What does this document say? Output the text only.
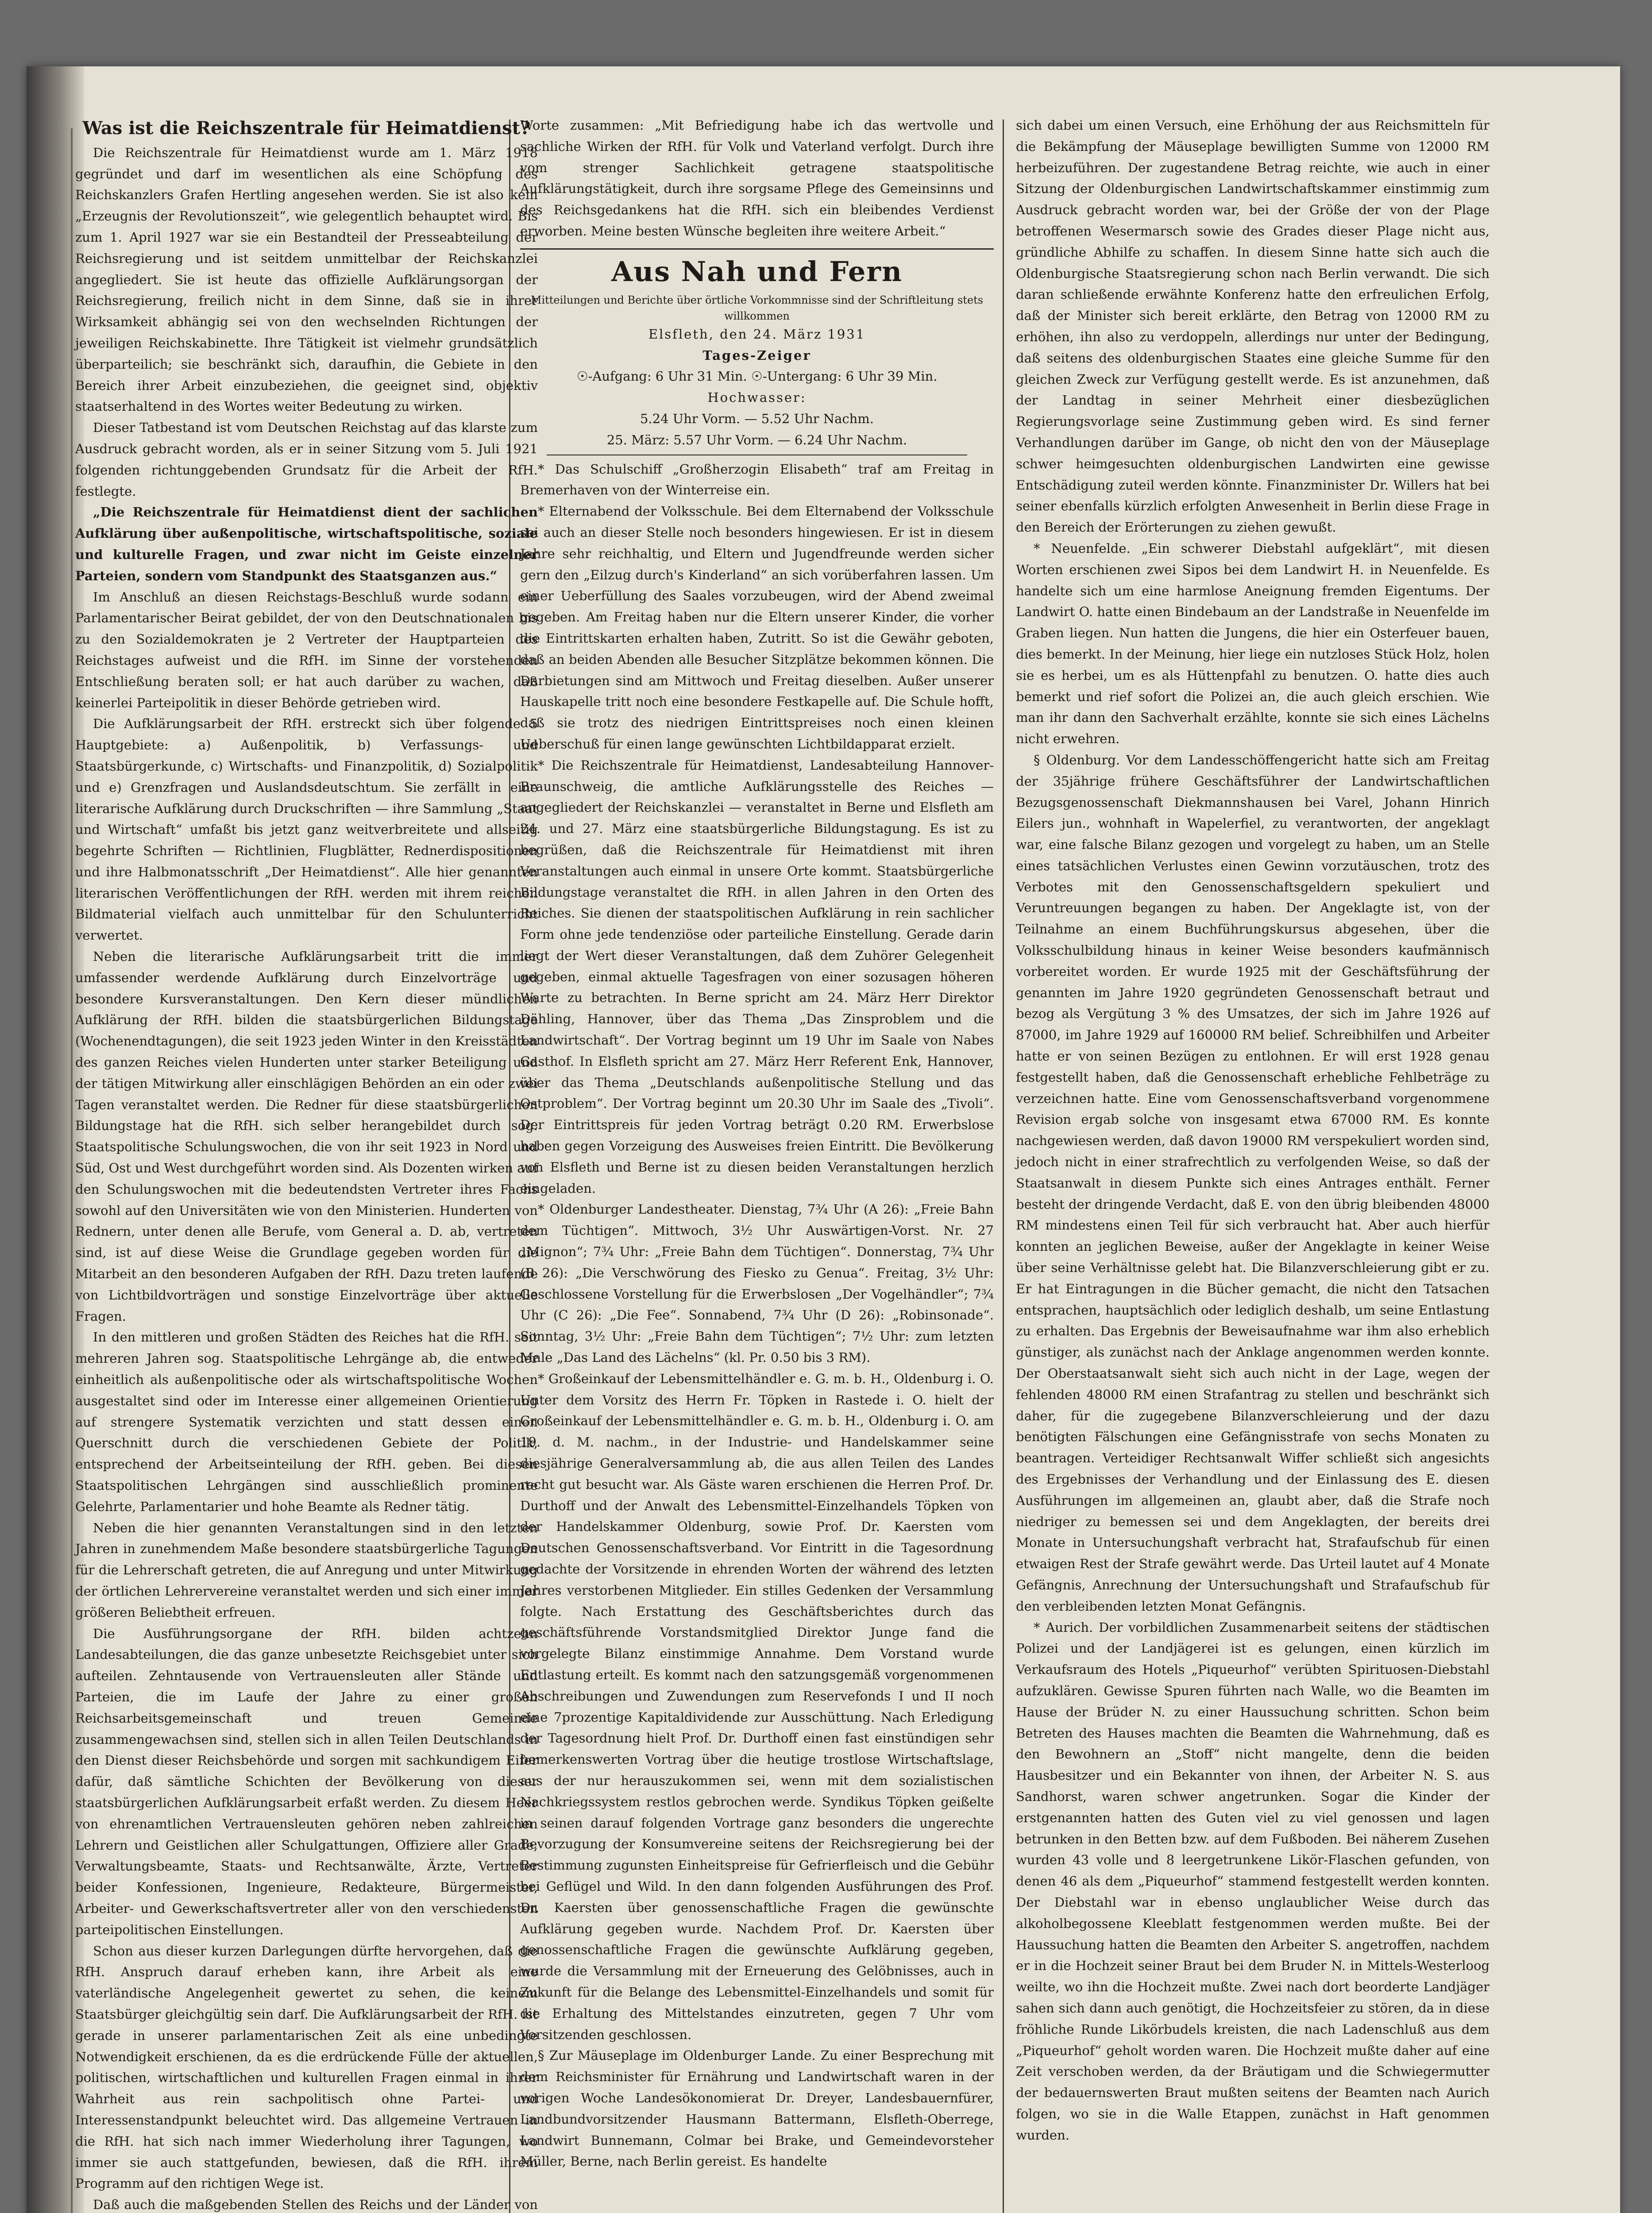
Was ist die Reichszentrale für Heimatdienst?

Die Reichszentrale für Heimatdienst wurde am 1. März 1918 gegründet und darf im wesentlichen als eine Schöpfung des Reichskanzlers Grafen Hertling angesehen werden. Sie ist also kein „Erzeugnis der Revolutionszeit“, wie gelegentlich behauptet wird. Bis zum 1. April 1927 war sie ein Bestandteil der Presseabteilung der Reichsregierung und ist seitdem unmittelbar der Reichskanzlei angegliedert. Sie ist heute das offizielle Aufklärungsorgan der Reichsregierung, freilich nicht in dem Sinne, daß sie in ihrer Wirksamkeit abhängig sei von den wechselnden Richtungen der jeweiligen Reichskabinette. Ihre Tätigkeit ist vielmehr grundsätzlich überparteilich; sie beschränkt sich, daraufhin, die Gebiete in den Bereich ihrer Arbeit einzubeziehen, die geeignet sind, objektiv staatserhaltend in des Wortes weiter Bedeutung zu wirken.

Dieser Tatbestand ist vom Deutschen Reichstag auf das klarste zum Ausdruck gebracht worden, als er in seiner Sitzung vom 5. Juli 1921 folgenden richtunggebenden Grundsatz für die Arbeit der RfH. festlegte.

„Die Reichszentrale für Heimatdienst dient der sachlichen Aufklärung über außenpolitische, wirtschaftspolitische, soziale und kulturelle Fragen, und zwar nicht im Geiste einzelner Parteien, sondern vom Standpunkt des Staatsganzen aus.“

Im Anschluß an diesen Reichstags-Beschluß wurde sodann ein Parlamentarischer Beirat gebildet, der von den Deutschnationalen bis zu den Sozialdemokraten je 2 Vertreter der Hauptparteien des Reichstages aufweist und die RfH. im Sinne der vorstehenden Entschließung beraten soll; er hat auch darüber zu wachen, daß keinerlei Parteipolitik in dieser Behörde getrieben wird.

Die Aufklärungsarbeit der RfH. erstreckt sich über folgende 5 Hauptgebiete: a) Außenpolitik, b) Verfassungs- und Staatsbürgerkunde, c) Wirtschafts- und Finanzpolitik, d) Sozialpolitik und e) Grenzfragen und Auslandsdeutschtum. Sie zerfällt in eine literarische Aufklärung durch Druckschriften — ihre Sammlung „Staat und Wirtschaft“ umfaßt bis jetzt ganz weitverbreitete und allseitig begehrte Schriften — Richtlinien, Flugblätter, Rednerdispositionen und ihre Halbmonatsschrift „Der Heimatdienst“. Alle hier genannten literarischen Veröffentlichungen der RfH. werden mit ihrem reichen Bildmaterial vielfach auch unmittelbar für den Schulunterricht verwertet.

Neben die literarische Aufklärungsarbeit tritt die immer umfassender werdende Aufklärung durch Einzelvorträge und besondere Kursveranstaltungen. Den Kern dieser mündlichen Aufklärung der RfH. bilden die staatsbürgerlichen Bildungstage (Wochenendtagungen), die seit 1923 jeden Winter in den Kreisstädten des ganzen Reiches vielen Hunderten unter starker Beteiligung und der tätigen Mitwirkung aller einschlägigen Behörden an ein oder zwei Tagen veranstaltet werden. Die Redner für diese staatsbürgerlichen Bildungstage hat die RfH. sich selber herangebildet durch sog. Staatspolitische Schulungswochen, die von ihr seit 1923 in Nord und Süd, Ost und West durchgeführt worden sind. Als Dozenten wirken auf den Schulungswochen mit die bedeutendsten Vertreter ihres Fachs sowohl auf den Universitäten wie von den Ministerien. Hunderten von Rednern, unter denen alle Berufe, vom General a. D. ab, vertreten sind, ist auf diese Weise die Grundlage gegeben worden für die Mitarbeit an den besonderen Aufgaben der RfH. Dazu treten laufende von Lichtbildvorträgen und sonstige Einzelvorträge über aktuelle Fragen.

In den mittleren und großen Städten des Reiches hat die RfH. seit mehreren Jahren sog. Staatspolitische Lehrgänge ab, die entweder einheitlich als außenpolitische oder als wirtschaftspolitische Wochen ausgestaltet sind oder im Interesse einer allgemeinen Orientierung auf strengere Systematik verzichten und statt dessen einen Querschnitt durch die verschiedenen Gebiete der Politik, entsprechend der Arbeitseinteilung der RfH. geben. Bei diesen Staatspolitischen Lehrgängen sind ausschließlich prominente Gelehrte, Parlamentarier und hohe Beamte als Redner tätig.

Neben die hier genannten Veranstaltungen sind in den letzten Jahren in zunehmendem Maße besondere staatsbürgerliche Tagungen für die Lehrerschaft getreten, die auf Anregung und unter Mitwirkung der örtlichen Lehrervereine veranstaltet werden und sich einer immer größeren Beliebtheit erfreuen.

Die Ausführungsorgane der RfH. bilden achtzehn Landesabteilungen, die das ganze unbesetzte Reichsgebiet unter sich aufteilen. Zehntausende von Vertrauensleuten aller Stände und Parteien, die im Laufe der Jahre zu einer großen Reichsarbeitsgemeinschaft und treuen Gemeinde zusammengewachsen sind, stellen sich in allen Teilen Deutschlands in den Dienst dieser Reichsbehörde und sorgen mit sachkundigem Eifer dafür, daß sämtliche Schichten der Bevölkerung von dieser staatsbürgerlichen Aufklärungsarbeit erfaßt werden. Zu diesem Heer von ehrenamtlichen Vertrauensleuten gehören neben zahlreichen Lehrern und Geistlichen aller Schulgattungen, Offiziere aller Grade, Verwaltungsbeamte, Staats- und Rechtsanwälte, Ärzte, Vertreter beider Konfessionen, Ingenieure, Redakteure, Bürgermeister, Arbeiter- und Gewerkschaftsvertreter aller von den verschiedensten parteipolitischen Einstellungen.

Schon aus dieser kurzen Darlegungen dürfte hervorgehen, daß die RfH. Anspruch darauf erheben kann, ihre Arbeit als eine vaterländische Angelegenheit gewertet zu sehen, die keinem Staatsbürger gleichgültig sein darf. Die Aufklärungsarbeit der RfH. ist gerade in unserer parlamentarischen Zeit als eine unbedingte Notwendigkeit erschienen, da es die erdrückende Fülle der aktuellen, politischen, wirtschaftlichen und kulturellen Fragen einmal in ihrer Wahrheit aus rein sachpolitisch ohne Partei- und Interessenstandpunkt beleuchtet wird. Das allgemeine Vertrauen in die RfH. hat sich nach immer Wiederholung ihrer Tagungen, wo immer sie auch stattgefunden, bewiesen, daß die RfH. ihrem Programm auf den richtigen Wege ist.

Daß auch die maßgebenden Stellen des Reichs und der Länder von

Worte zusammen: „Mit Befriedigung habe ich das wertvolle und sachliche Wirken der RfH. für Volk und Vaterland verfolgt. Durch ihre vom strenger Sachlichkeit getragene staatspolitische Aufklärungstätigkeit, durch ihre sorgsame Pflege des Gemeinsinns und des Reichsgedankens hat die RfH. sich ein bleibendes Verdienst erworben. Meine besten Wünsche begleiten ihre weitere Arbeit.“

Aus Nah und Fern
Mitteilungen und Berichte über örtliche Vorkommnisse sind der Schriftleitung stets willkommen
Elsfleth, den 24. März 1931
Tages-Zeiger
☉-Aufgang: 6 Uhr 31 Min. ☉-Untergang: 6 Uhr 39 Min.
Hochwasser:
5.24 Uhr Vorm. — 5.52 Uhr Nachm.
25. März: 5.57 Uhr Vorm. — 6.24 Uhr Nachm.

* Das Schulschiff „Großherzogin Elisabeth“ traf am Freitag in Bremerhaven von der Winterreise ein.

* Elternabend der Volksschule. Bei dem Elternabend der Volksschule sei auch an dieser Stelle noch besonders hingewiesen. Er ist in diesem Jahre sehr reichhaltig, und Eltern und Jugendfreunde werden sicher gern den „Eilzug durch's Kinderland“ an sich vorüberfahren lassen. Um einer Ueberfüllung des Saales vorzubeugen, wird der Abend zweimal gegeben. Am Freitag haben nur die Eltern unserer Kinder, die vorher die Eintrittskarten erhalten haben, Zutritt. So ist die Gewähr geboten, daß an beiden Abenden alle Besucher Sitzplätze bekommen können. Die Darbietungen sind am Mittwoch und Freitag dieselben. Außer unserer Hauskapelle tritt noch eine besondere Festkapelle auf. Die Schule hofft, daß sie trotz des niedrigen Eintrittspreises noch einen kleinen Ueberschuß für einen lange gewünschten Lichtbildapparat erzielt.

* Die Reichszentrale für Heimatdienst, Landesabteilung Hannover-Braunschweig, die amtliche Aufklärungsstelle des Reiches — angegliedert der Reichskanzlei — veranstaltet in Berne und Elsfleth am 24. und 27. März eine staatsbürgerliche Bildungstagung. Es ist zu begrüßen, daß die Reichszentrale für Heimatdienst mit ihren Veranstaltungen auch einmal in unsere Orte kommt. Staatsbürgerliche Bildungstage veranstaltet die RfH. in allen Jahren in den Orten des Reiches. Sie dienen der staatspolitischen Aufklärung in rein sachlicher Form ohne jede tendenziöse oder parteiliche Einstellung. Gerade darin liegt der Wert dieser Veranstaltungen, daß dem Zuhörer Gelegenheit gegeben, einmal aktuelle Tagesfragen von einer sozusagen höheren Warte zu betrachten. In Berne spricht am 24. März Herr Direktor Dähling, Hannover, über das Thema „Das Zinsproblem und die Landwirtschaft“. Der Vortrag beginnt um 19 Uhr im Saale von Nabes Gasthof. In Elsfleth spricht am 27. März Herr Referent Enk, Hannover, über das Thema „Deutschlands außenpolitische Stellung und das Ostproblem“. Der Vortrag beginnt um 20.30 Uhr im Saale des „Tivoli“. Der Eintrittspreis für jeden Vortrag beträgt 0.20 RM. Erwerbslose haben gegen Vorzeigung des Ausweises freien Eintritt. Die Bevölkerung von Elsfleth und Berne ist zu diesen beiden Veranstaltungen herzlich eingeladen.

* Oldenburger Landestheater. Dienstag, 7¾ Uhr (A 26): „Freie Bahn dem Tüchtigen“. Mittwoch, 3½ Uhr Auswärtigen-Vorst. Nr. 27 „Mignon“; 7¾ Uhr: „Freie Bahn dem Tüchtigen“. Donnerstag, 7¾ Uhr (B 26): „Die Verschwörung des Fiesko zu Genua“. Freitag, 3½ Uhr: Geschlossene Vorstellung für die Erwerbslosen „Der Vogelhändler“; 7¾ Uhr (C 26): „Die Fee“. Sonnabend, 7¾ Uhr (D 26): „Robinsonade“. Sonntag, 3½ Uhr: „Freie Bahn dem Tüchtigen“; 7½ Uhr: zum letzten Male „Das Land des Lächelns“ (kl. Pr. 0.50 bis 3 RM).

* Großeinkauf der Lebensmittelhändler e. G. m. b. H., Oldenburg i. O. Unter dem Vorsitz des Herrn Fr. Töpken in Rastede i. O. hielt der Großeinkauf der Lebensmittelhändler e. G. m. b. H., Oldenburg i. O. am 19. d. M. nachm., in der Industrie- und Handelskammer seine diesjährige Generalversammlung ab, die aus allen Teilen des Landes recht gut besucht war. Als Gäste waren erschienen die Herren Prof. Dr. Durthoff und der Anwalt des Lebensmittel-Einzelhandels Töpken von der Handelskammer Oldenburg, sowie Prof. Dr. Kaersten vom Deutschen Genossenschaftsverband. Vor Eintritt in die Tagesordnung gedachte der Vorsitzende in ehrenden Worten der während des letzten Jahres verstorbenen Mitglieder. Ein stilles Gedenken der Versammlung folgte. Nach Erstattung des Geschäftsberichtes durch das geschäftsführende Vorstandsmitglied Direktor Junge fand die vorgelegte Bilanz einstimmige Annahme. Dem Vorstand wurde Entlastung erteilt. Es kommt nach den satzungsgemäß vorgenommenen Abschreibungen und Zuwendungen zum Reservefonds I und II noch eine 7prozentige Kapitaldividende zur Ausschüttung. Nach Erledigung der Tagesordnung hielt Prof. Dr. Durthoff einen fast einstündigen sehr bemerkenswerten Vortrag über die heutige trostlose Wirtschaftslage, aus der nur herauszukommen sei, wenn mit dem sozialistischen Nachkriegssystem restlos gebrochen werde. Syndikus Töpken geißelte in seinen darauf folgenden Vortrage ganz besonders die ungerechte Bevorzugung der Konsumvereine seitens der Reichsregierung bei der Bestimmung zugunsten Einheitspreise für Gefrierfleisch und die Gebühr bei Geflügel und Wild. In den dann folgenden Ausführungen des Prof. Dr. Kaersten über genossenschaftliche Fragen die gewünschte Aufklärung gegeben wurde. Nachdem Prof. Dr. Kaersten über genossenschaftliche Fragen die gewünschte Aufklärung gegeben, wurde die Versammlung mit der Erneuerung des Gelöbnisses, auch in Zukunft für die Belange des Lebensmittel-Einzelhandels und somit für die Erhaltung des Mittelstandes einzutreten, gegen 7 Uhr vom Vorsitzenden geschlossen.

§ Zur Mäuseplage im Oldenburger Lande. Zu einer Besprechung mit dem Reichsminister für Ernährung und Landwirtschaft waren in der vorigen Woche Landesökonomierat Dr. Dreyer, Landesbauernfürer, Landbundvorsitzender Hausmann Battermann, Elsfleth-Oberrege, Landwirt Bunnemann, Colmar bei Brake, und Gemeindevorsteher Müller, Berne, nach Berlin gereist. Es handelte

sich dabei um einen Versuch, eine Erhöhung der aus Reichsmitteln für die Bekämpfung der Mäuseplage bewilligten Summe von 12000 RM herbeizuführen. Der zugestandene Betrag reichte, wie auch in einer Sitzung der Oldenburgischen Landwirtschaftskammer einstimmig zum Ausdruck gebracht worden war, bei der Größe der von der Plage betroffenen Wesermarsch sowie des Grades dieser Plage nicht aus, gründliche Abhilfe zu schaffen. In diesem Sinne hatte sich auch die Oldenburgische Staatsregierung schon nach Berlin verwandt. Die sich daran schließende erwähnte Konferenz hatte den erfreulichen Erfolg, daß der Minister sich bereit erklärte, den Betrag von 12000 RM zu erhöhen, ihn also zu verdoppeln, allerdings nur unter der Bedingung, daß seitens des oldenburgischen Staates eine gleiche Summe für den gleichen Zweck zur Verfügung gestellt werde. Es ist anzunehmen, daß der Landtag in seiner Mehrheit einer diesbezüglichen Regierungsvorlage seine Zustimmung geben wird. Es sind ferner Verhandlungen darüber im Gange, ob nicht den von der Mäuseplage schwer heimgesuchten oldenburgischen Landwirten eine gewisse Entschädigung zuteil werden könnte. Finanzminister Dr. Willers hat bei seiner ebenfalls kürzlich erfolgten Anwesenheit in Berlin diese Frage in den Bereich der Erörterungen zu ziehen gewußt.

* Neuenfelde. „Ein schwerer Diebstahl aufgeklärt“, mit diesen Worten erschienen zwei Sipos bei dem Landwirt H. in Neuenfelde. Es handelte sich um eine harmlose Aneignung fremden Eigentums. Der Landwirt O. hatte einen Bindebaum an der Landstraße in Neuenfelde im Graben liegen. Nun hatten die Jungens, die hier ein Osterfeuer bauen, dies bemerkt. In der Meinung, hier liege ein nutzloses Stück Holz, holen sie es herbei, um es als Hüttenpfahl zu benutzen. O. hatte dies auch bemerkt und rief sofort die Polizei an, die auch gleich erschien. Wie man ihr dann den Sachverhalt erzählte, konnte sie sich eines Lächelns nicht erwehren.

§ Oldenburg. Vor dem Landesschöffengericht hatte sich am Freitag der 35jährige frühere Geschäftsführer der Landwirtschaftlichen Bezugsgenossenschaft Diekmannshausen bei Varel, Johann Hinrich Eilers jun., wohnhaft in Wapelerfiel, zu verantworten, der angeklagt war, eine falsche Bilanz gezogen und vorgelegt zu haben, um an Stelle eines tatsächlichen Verlustes einen Gewinn vorzutäuschen, trotz des Verbotes mit den Genossenschaftsgeldern spekuliert und Veruntreuungen begangen zu haben. Der Angeklagte ist, von der Teilnahme an einem Buchführungskursus abgesehen, über die Volksschulbildung hinaus in keiner Weise besonders kaufmännisch vorbereitet worden. Er wurde 1925 mit der Geschäftsführung der genannten im Jahre 1920 gegründeten Genossenschaft betraut und bezog als Vergütung 3 % des Umsatzes, der sich im Jahre 1926 auf 87000, im Jahre 1929 auf 160000 RM belief. Schreibhilfen und Arbeiter hatte er von seinen Bezügen zu entlohnen. Er will erst 1928 genau festgestellt haben, daß die Genossenschaft erhebliche Fehlbeträge zu verzeichnen hatte. Eine vom Genossenschaftsverband vorgenommene Revision ergab solche von insgesamt etwa 67000 RM. Es konnte nachgewiesen werden, daß davon 19000 RM verspekuliert worden sind, jedoch nicht in einer strafrechtlich zu verfolgenden Weise, so daß der Staatsanwalt in diesem Punkte sich eines Antrages enthält. Ferner besteht der dringende Verdacht, daß E. von den übrig bleibenden 48000 RM mindestens einen Teil für sich verbraucht hat. Aber auch hierfür konnten an jeglichen Beweise, außer der Angeklagte in keiner Weise über seine Verhältnisse gelebt hat. Die Bilanzverschleierung gibt er zu. Er hat Eintragungen in die Bücher gemacht, die nicht den Tatsachen entsprachen, hauptsächlich oder lediglich deshalb, um seine Entlastung zu erhalten. Das Ergebnis der Beweisaufnahme war ihm also erheblich günstiger, als zunächst nach der Anklage angenommen werden konnte. Der Oberstaatsanwalt sieht sich auch nicht in der Lage, wegen der fehlenden 48000 RM einen Strafantrag zu stellen und beschränkt sich daher, für die zugegebene Bilanzverschleierung und der dazu benötigten Fälschungen eine Gefängnisstrafe von sechs Monaten zu beantragen. Verteidiger Rechtsanwalt Wiffer schließt sich angesichts des Ergebnisses der Verhandlung und der Einlassung des E. diesen Ausführungen im allgemeinen an, glaubt aber, daß die Strafe noch niedriger zu bemessen sei und dem Angeklagten, der bereits drei Monate in Untersuchungshaft verbracht hat, Strafaufschub für einen etwaigen Rest der Strafe gewährt werde. Das Urteil lautet auf 4 Monate Gefängnis, Anrechnung der Untersuchungshaft und Strafaufschub für den verbleibenden letzten Monat Gefängnis.

* Aurich. Der vorbildlichen Zusammenarbeit seitens der städtischen Polizei und der Landjägerei ist es gelungen, einen kürzlich im Verkaufsraum des Hotels „Piqueurhof“ verübten Spirituosen-Diebstahl aufzuklären. Gewisse Spuren führten nach Walle, wo die Beamten im Hause der Brüder N. zu einer Haussuchung schritten. Schon beim Betreten des Hauses machten die Beamten die Wahrnehmung, daß es den Bewohnern an „Stoff“ nicht mangelte, denn die beiden Hausbesitzer und ein Bekannter von ihnen, der Arbeiter N. S. aus Sandhorst, waren schwer angetrunken. Sogar die Kinder der erstgenannten hatten des Guten viel zu viel genossen und lagen betrunken in den Betten bzw. auf dem Fußboden. Bei näherem Zusehen wurden 43 volle und 8 leergetrunkene Likör-Flaschen gefunden, von denen 46 als dem „Piqueurhof“ stammend festgestellt werden konnten. Der Diebstahl war in ebenso unglaublicher Weise durch das alkoholbegossene Kleeblatt festgenommen werden mußte. Bei der Haussuchung hatten die Beamten den Arbeiter S. angetroffen, nachdem er in die Hochzeit seiner Braut bei dem Bruder N. in Mittels-Westerloog weilte, wo ihn die Hochzeit mußte. Zwei nach dort beorderte Landjäger sahen sich dann auch genötigt, die Hochzeitsfeier zu stören, da in diese fröhliche Runde Likörbudels kreisten, die nach Ladenschluß aus dem „Piqueurhof“ geholt worden waren. Die Hochzeit mußte daher auf eine Zeit verschoben werden, da der Bräutigam und die Schwiegermutter der bedauernswerten Braut mußten seitens der Beamten nach Aurich folgen, wo sie in die Walle Etappen, zunächst in Haft genommen wurden.
